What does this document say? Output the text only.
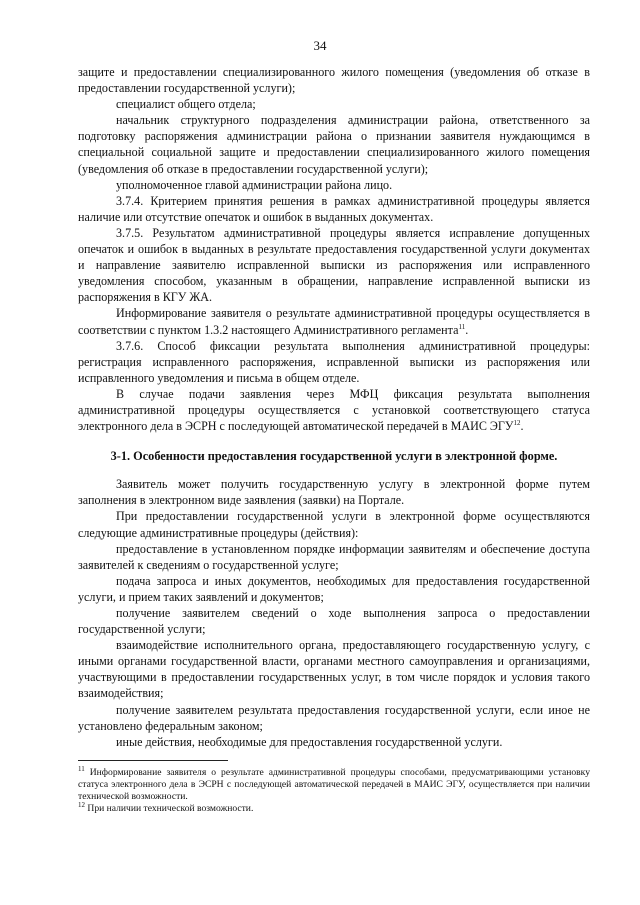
34

защите и предоставлении специализированного жилого помещения (уведомления об отказе в предоставлении государственной услуги);

специалист общего отдела;

начальник структурного подразделения администрации района, ответственного за подготовку распоряжения администрации района о признании заявителя нуждающимся в специальной социальной защите и предоставлении специализированного жилого помещения (уведомления об отказе в предоставлении государственной услуги);

уполномоченное главой администрации района лицо.

3.7.4. Критерием принятия решения в рамках административной процедуры является наличие или отсутствие опечаток и ошибок в выданных документах.

3.7.5. Результатом административной процедуры является исправление допущенных опечаток и ошибок в выданных в результате предоставления государственной услуги документах и направление заявителю исправленной выписки из распоряжения или исправленного уведомления способом, указанным в обращении, направление исправленной выписки из распоряжения в КГУ ЖА.

Информирование заявителя о результате административной процедуры осуществляется в соответствии с пунктом 1.3.2 настоящего Административного регламента$^{11}$.

3.7.6. Способ фиксации результата выполнения административной процедуры: регистрация исправленного распоряжения, исправленной выписки из распоряжения или исправленного уведомления и письма в общем отделе.

В случае подачи заявления через МФЦ фиксация результата выполнения административной процедуры осуществляется с установкой соответствующего статуса электронного дела в ЭСРН с последующей автоматической передачей в МАИС ЭГУ$^{12}$.

3-1. Особенности предоставления государственной услуги в электронной форме.

Заявитель может получить государственную услугу в электронной форме путем заполнения в электронном виде заявления (заявки) на Портале.

При предоставлении государственной услуги в электронной форме осуществляются следующие административные процедуры (действия):

предоставление в установленном порядке информации заявителям и обеспечение доступа заявителей к сведениям о государственной услуге;

подача запроса и иных документов, необходимых для предоставления государственной услуги, и прием таких заявлений и документов;

получение заявителем сведений о ходе выполнения запроса о предоставлении государственной услуги;

взаимодействие исполнительного органа, предоставляющего государственную услугу, с иными органами государственной власти, органами местного самоуправления и организациями, участвующими в предоставлении государственных услуг, в том числе порядок и условия такого взаимодействия;

получение заявителем результата предоставления государственной услуги, если иное не установлено федеральным законом;

иные действия, необходимые для предоставления государственной услуги.

$^{11}$ Информирование заявителя о результате административной процедуры способами, предусматривающими установку статуса электронного дела в ЭСРН с последующей автоматической передачей в МАИС ЭГУ, осуществляется при наличии технической возможности.

$^{12}$ При наличии технической возможности.
